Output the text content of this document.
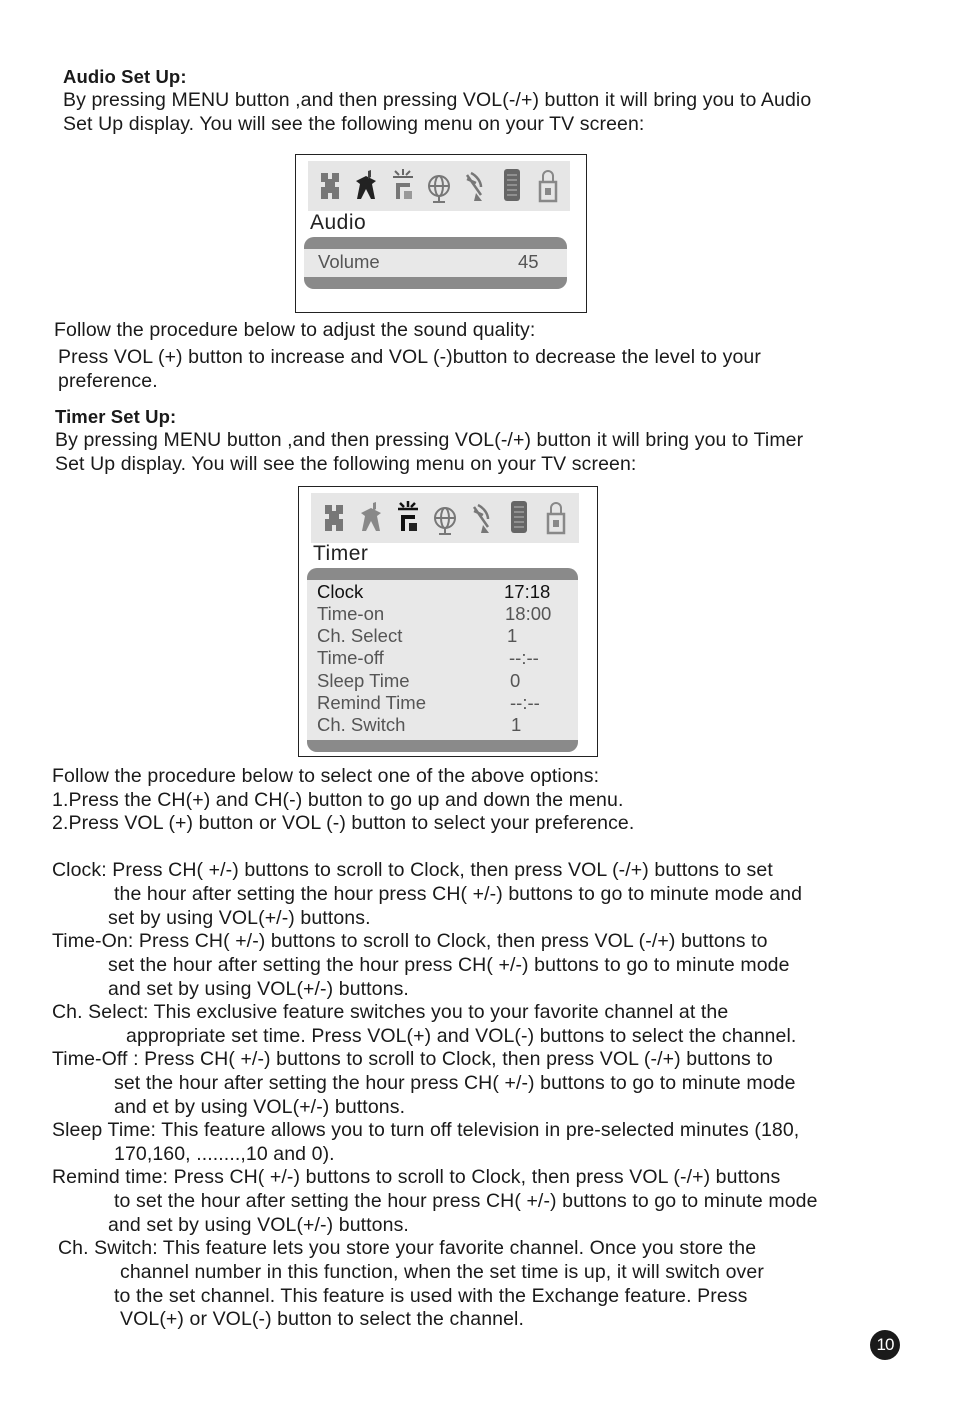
Audio Set Up:
By pressing MENU button ,and then pressing VOL(-/+) button it will bring you to Audio
Set Up display. You will see the following menu on your TV screen:
Audio
Volume	45
Follow the procedure below to adjust the sound quality:
Press VOL (+) button to increase and VOL (-)button to decrease the level to your
preference.
Timer Set Up:
By pressing MENU button ,and then pressing VOL(-/+) button it will bring you to Timer
Set Up display. You will see the following menu on your TV screen:
Timer
Clock	17:18
Time-on	18:00
Ch. Select	1
Time-off	--:--
Sleep Time	0
Remind Time	--:--
Ch. Switch	1
Follow the procedure below to select one of the above options:
1.Press the CH(+) and CH(-) button to go up and down the menu.
2.Press VOL (+) button or VOL (-) button to select your preference.
Clock: Press CH( +/-) buttons to scroll to Clock, then press VOL (-/+) buttons to set
the hour after setting the hour press CH( +/-) buttons to go to minute mode and
set by using VOL(+/-) buttons.
Time-On: Press CH( +/-) buttons to scroll to Clock, then press VOL (-/+) buttons to
set the hour after setting the hour press CH( +/-) buttons to go to minute mode
and set by using VOL(+/-) buttons.
Ch. Select: This exclusive feature switches you to your favorite channel at the
appropriate set time. Press VOL(+) and VOL(-) buttons to select the channel.
Time-Off : Press CH( +/-) buttons to scroll to Clock, then press VOL (-/+) buttons to
set the hour after setting the hour press CH( +/-) buttons to go to minute mode
and et by using VOL(+/-) buttons.
Sleep Time: This feature allows you to turn off television in pre-selected minutes (180,
170,160, ........,10 and 0).
Remind time: Press CH( +/-) buttons to scroll to Clock, then press VOL (-/+) buttons
to set the hour after setting the hour press CH( +/-) buttons to go to minute mode
and set by using VOL(+/-) buttons.
Ch. Switch: This feature lets you store your favorite channel. Once you store the
channel number in this function, when the set time is up, it will switch over
to the set channel. This feature is used with the Exchange feature. Press
VOL(+) or VOL(-) button to select the channel.
10
